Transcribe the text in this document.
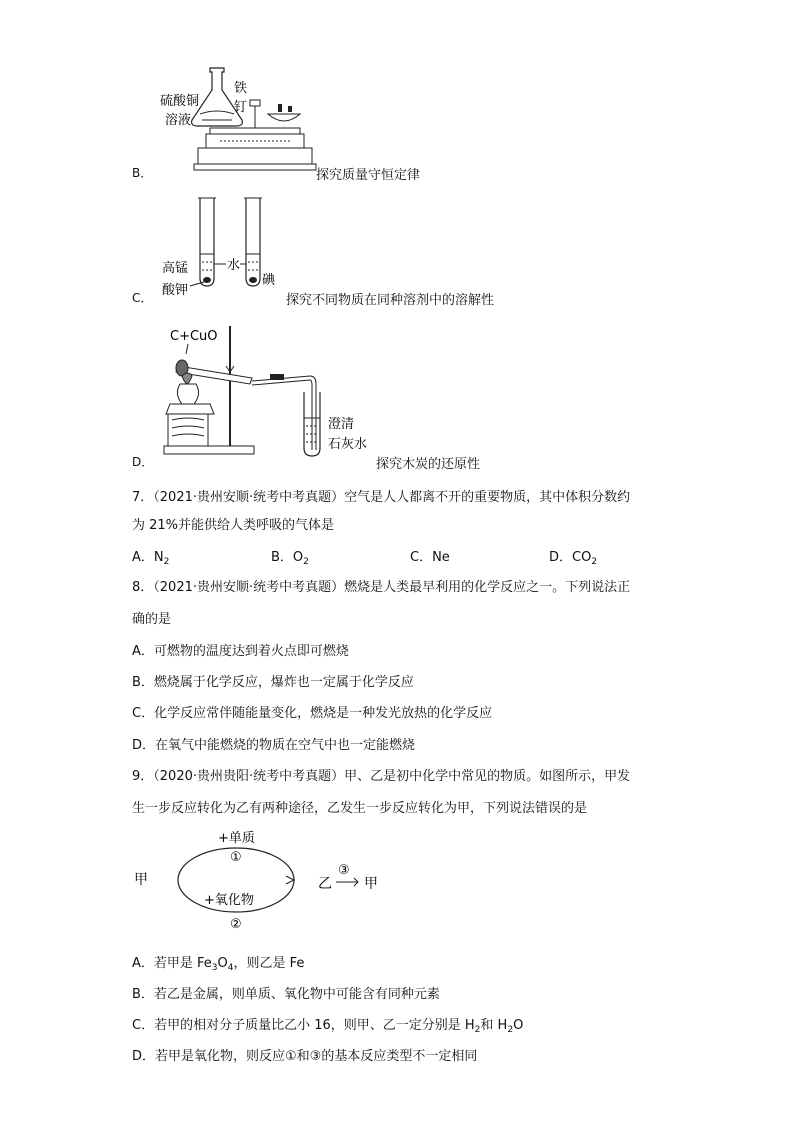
B．
硫酸铜
溶液
铁
钉
探究质量守恒定律
C．
水
高锰
酸钾
碘
探究不同物质在同种溶剂中的溶解性
D．
C+CuO
澄清
石灰水
探究木炭的还原性
7．（2021·贵州安顺·统考中考真题）空气是人人都离不开的重要物质，其中体积分数约
为 21%并能供给人类呼吸的气体是
A．$N_2$	B．$O_2$	C．Ne	D．$CO_2$
8．（2021·贵州安顺·统考中考真题）燃烧是人类最早利用的化学反应之一。下列说法正
确的是
A．可燃物的温度达到着火点即可燃烧
B．燃烧属于化学反应，爆炸也一定属于化学反应
C．化学反应常伴随能量变化，燃烧是一种发光放热的化学反应
D．在氧气中能燃烧的物质在空气中也一定能燃烧
9．（2020·贵州贵阳·统考中考真题）甲、乙是初中化学中常见的物质。如图所示，甲发
生一步反应转化为乙有两种途径，乙发生一步反应转化为甲，下列说法错误的是
甲
+单质
①
+氧化物
②
乙
③
甲
A．若甲是 $Fe_3O_4$，则乙是 Fe
B．若乙是金属，则单质、氧化物中可能含有同种元素
C．若甲的相对分子质量比乙小 16，则甲、乙一定分别是 $H_2$和 $H_2O$
D．若甲是氧化物，则反应①和③的基本反应类型不一定相同
